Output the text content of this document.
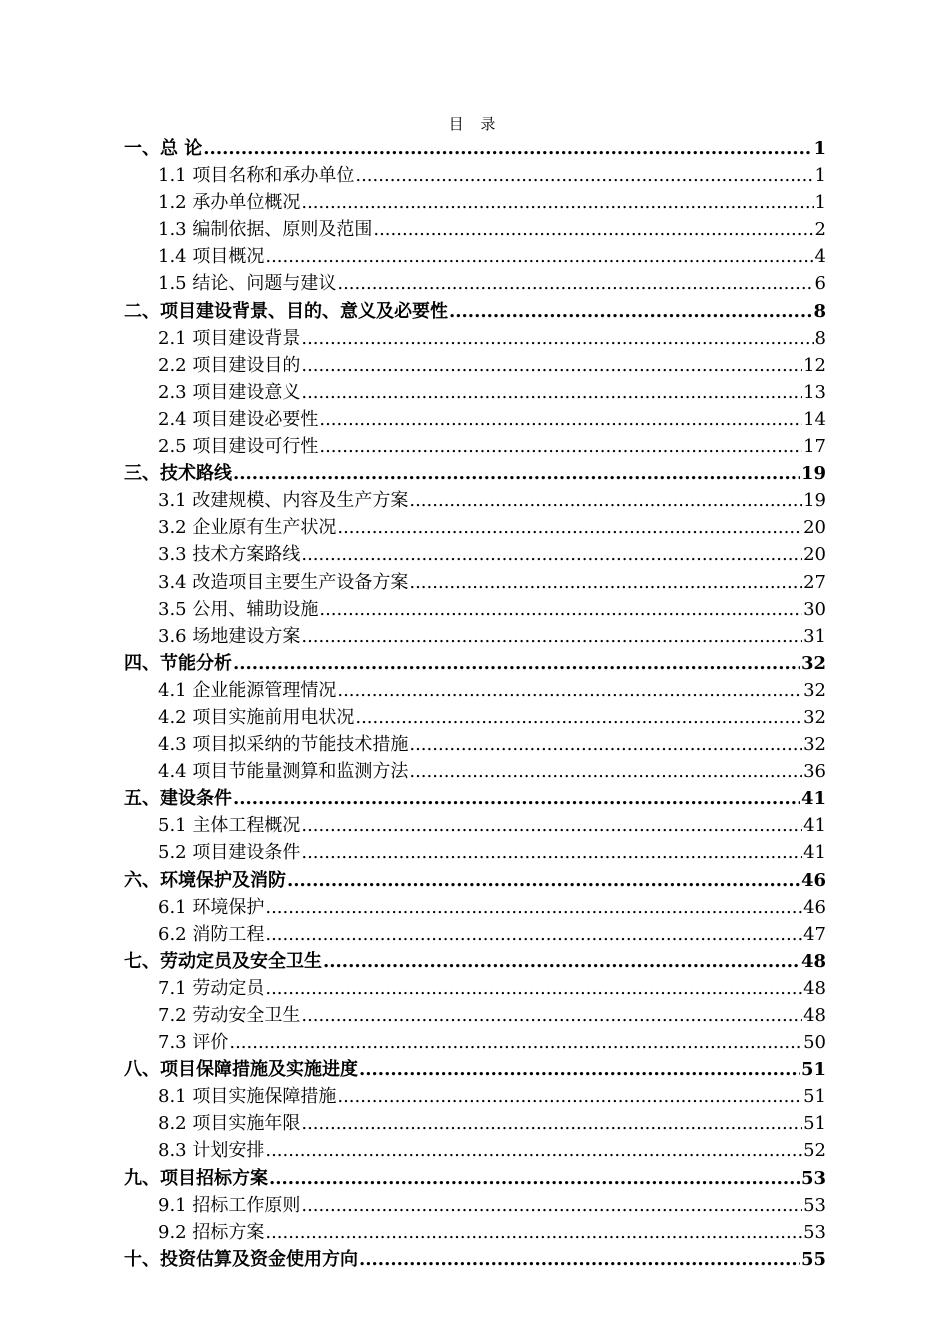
目 录
一、总 论 .....	1
1.1 项目名称和承办单位 .....	1
1.2 承办单位概况 .....	1
1.3 编制依据、原则及范围 .....	2
1.4 项目概况 .....	4
1.5 结论、问题与建议 .....	6
二、项目建设背景、目的、意义及必要性 .....	8
2.1 项目建设背景 .....	8
2.2 项目建设目的 .....	12
2.3 项目建设意义 .....	13
2.4 项目建设必要性 .....	14
2.5 项目建设可行性 .....	17
三、技术路线 .....	19
3.1 改建规模、内容及生产方案 .....	19
3.2 企业原有生产状况 .....	20
3.3 技术方案路线 .....	20
3.4 改造项目主要生产设备方案 .....	27
3.5 公用、辅助设施 .....	30
3.6 场地建设方案 .....	31
四、节能分析 .....	32
4.1 企业能源管理情况 .....	32
4.2 项目实施前用电状况 .....	32
4.3 项目拟采纳的节能技术措施 .....	32
4.4 项目节能量测算和监测方法 .....	36
五、建设条件 .....	41
5.1 主体工程概况 .....	41
5.2 项目建设条件 .....	41
六、环境保护及消防 .....	46
6.1 环境保护 .....	46
6.2 消防工程 .....	47
七、劳动定员及安全卫生 .....	48
7.1 劳动定员 .....	48
7.2 劳动安全卫生 .....	48
7.3 评价 .....	50
八、项目保障措施及实施进度 .....	51
8.1 项目实施保障措施 .....	51
8.2 项目实施年限 .....	51
8.3 计划安排 .....	52
九、项目招标方案 .....	53
9.1 招标工作原则 .....	53
9.2 招标方案 .....	53
十、投资估算及资金使用方向 .....	55
